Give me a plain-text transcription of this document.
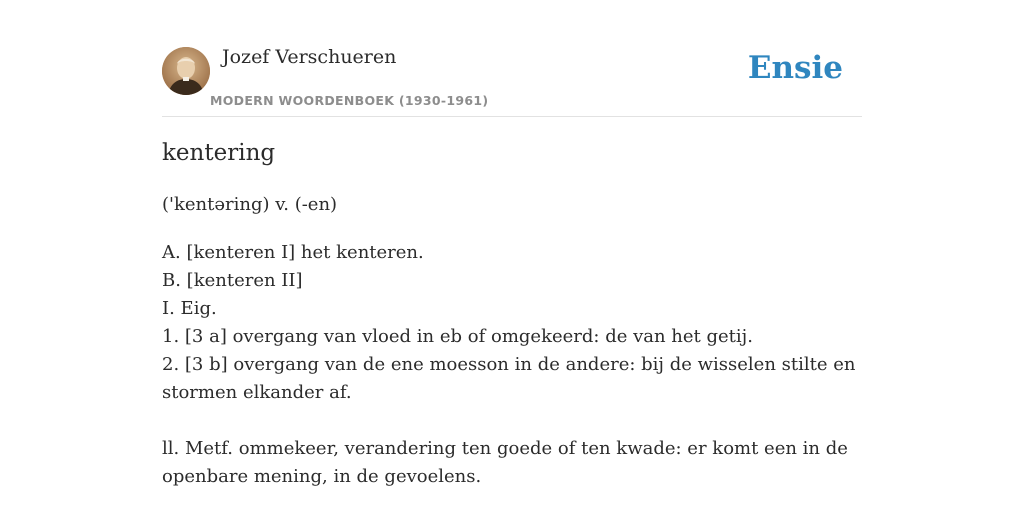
Jozef Verschueren
MODERN WOORDENBOEK (1930-1961)
Ensie
kentering
('kentəring) v. (-en)
A. [kenteren I] het kenteren.
B. [kenteren II]
I. Eig.
1. [3 a] overgang van vloed in eb of omgekeerd: de van het getij.
2. [3 b] overgang van de ene moesson in de andere: bij de wisselen stilte en
stormen elkander af.
ll. Metf. ommekeer, verandering ten goede of ten kwade: er komt een in de
openbare mening, in de gevoelens.
